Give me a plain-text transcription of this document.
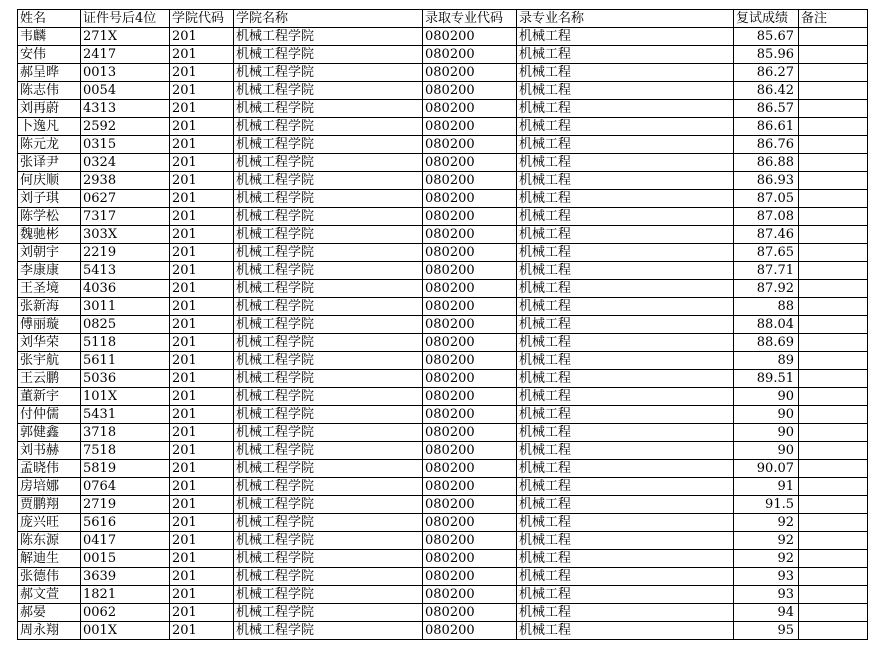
姓名	证件号后4位	学院代码	学院名称	录取专业代码	录专业名称	复试成绩	备注
韦麟	271X	201	机械工程学院	080200	机械工程	85.67	
安伟	2417	201	机械工程学院	080200	机械工程	85.96	
郝呈晔	0013	201	机械工程学院	080200	机械工程	86.27	
陈志伟	0054	201	机械工程学院	080200	机械工程	86.42	
刘再蔚	4313	201	机械工程学院	080200	机械工程	86.57	
卜逸凡	2592	201	机械工程学院	080200	机械工程	86.61	
陈元龙	0315	201	机械工程学院	080200	机械工程	86.76	
张译尹	0324	201	机械工程学院	080200	机械工程	86.88	
何庆顺	2938	201	机械工程学院	080200	机械工程	86.93	
刘子琪	0627	201	机械工程学院	080200	机械工程	87.05	
陈学松	7317	201	机械工程学院	080200	机械工程	87.08	
魏驰彬	303X	201	机械工程学院	080200	机械工程	87.46	
刘朝宇	2219	201	机械工程学院	080200	机械工程	87.65	
李康康	5413	201	机械工程学院	080200	机械工程	87.71	
王圣境	4036	201	机械工程学院	080200	机械工程	87.92	
张新海	3011	201	机械工程学院	080200	机械工程	88	
傅丽璇	0825	201	机械工程学院	080200	机械工程	88.04	
刘华荣	5118	201	机械工程学院	080200	机械工程	88.69	
张宇航	5611	201	机械工程学院	080200	机械工程	89	
王云鹏	5036	201	机械工程学院	080200	机械工程	89.51	
董新宇	101X	201	机械工程学院	080200	机械工程	90	
付仲儒	5431	201	机械工程学院	080200	机械工程	90	
郭健鑫	3718	201	机械工程学院	080200	机械工程	90	
刘书赫	7518	201	机械工程学院	080200	机械工程	90	
孟晓伟	5819	201	机械工程学院	080200	机械工程	90.07	
房培娜	0764	201	机械工程学院	080200	机械工程	91	
贾鹏翔	2719	201	机械工程学院	080200	机械工程	91.5	
庞兴旺	5616	201	机械工程学院	080200	机械工程	92	
陈东源	0417	201	机械工程学院	080200	机械工程	92	
解迪生	0015	201	机械工程学院	080200	机械工程	92	
张德伟	3639	201	机械工程学院	080200	机械工程	93	
郝文萱	1821	201	机械工程学院	080200	机械工程	93	
郝晏	0062	201	机械工程学院	080200	机械工程	94	
周永翔	001X	201	机械工程学院	080200	机械工程	95	
